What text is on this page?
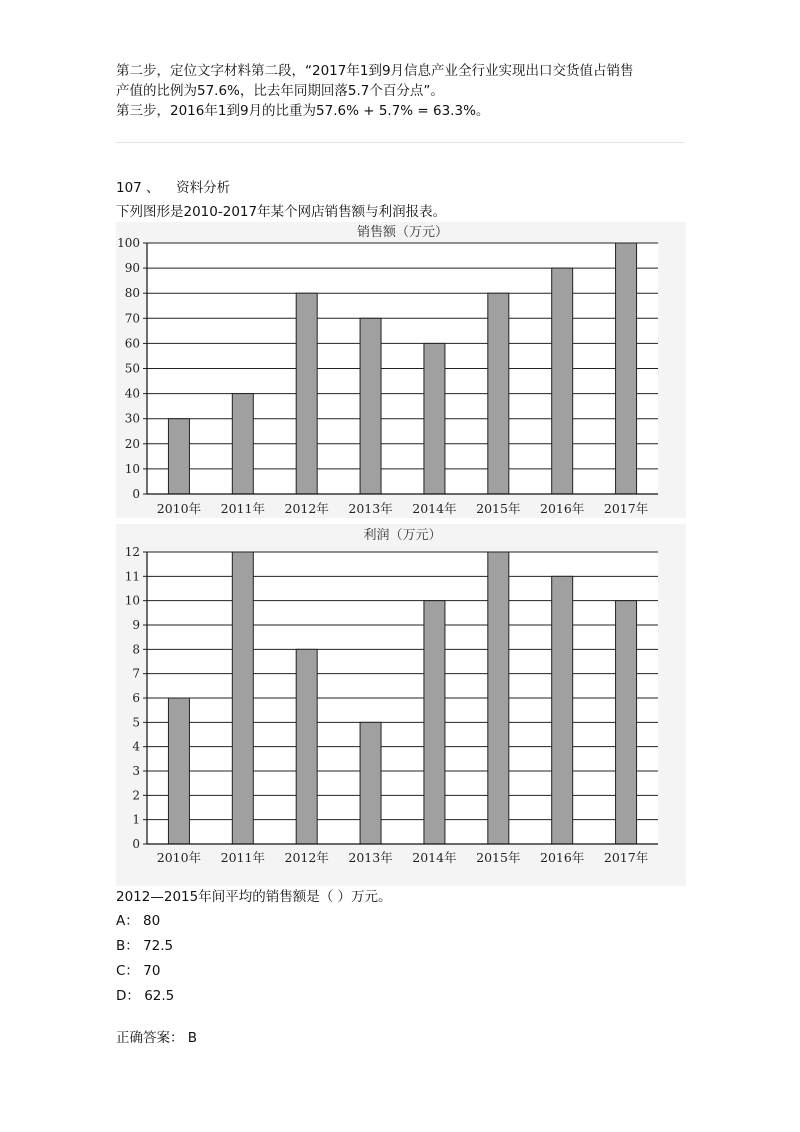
第二步，定位文字材料第二段，“2017年1到9月信息产业全行业实现出口交货值占销售
产值的比例为57.6%，比去年同期回落5.7个百分点”。
第三步，2016年1到9月的比重为57.6% + 5.7% = 63.3%。
107 、 资料分析
下列图形是2010-2017年某个网店销售额与利润报表。
0
10
20
30
40
50
60
70
80
90
100
销售额（万元）
2010年 2011年 2012年 2013年 2014年 2015年 2016年 2017年
0
1
2
3
4
5
6
7
8
9
10
11
12
利润（万元）
2010年 2011年 2012年 2013年 2014年 2015年 2016年 2017年
2012—2015年间平均的销售额是（ ）万元。
A： 80
B： 72.5
C： 70
D： 62.5
正确答案： B
